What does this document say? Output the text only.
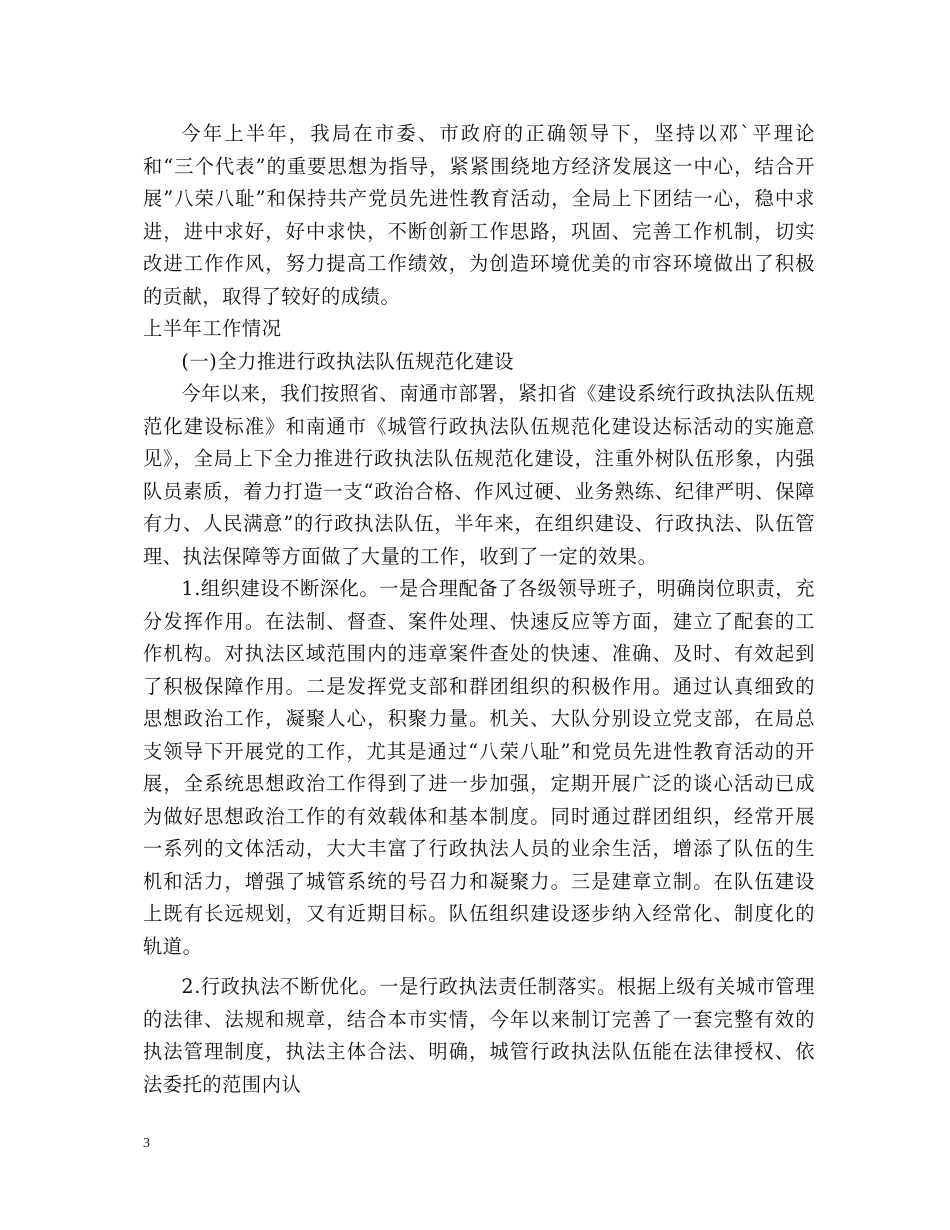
今年上半年，我局在市委、市政府的正确领导下，坚持以邓`平理论和“三个代表”的重要思想为指导，紧紧围绕地方经济发展这一中心，结合开展”八荣八耻”和保持共产党员先进性教育活动，全局上下团结一心，稳中求进，进中求好，好中求快，不断创新工作思路，巩固、完善工作机制，切实改进工作作风，努力提高工作绩效，为创造环境优美的市容环境做出了积极的贡献，取得了较好的成绩。

上半年工作情况

(一)全力推进行政执法队伍规范化建设

今年以来，我们按照省、南通市部署，紧扣省《建设系统行政执法队伍规范化建设标准》和南通市《城管行政执法队伍规范化建设达标活动的实施意见》，全局上下全力推进行政执法队伍规范化建设，注重外树队伍形象，内强队员素质，着力打造一支“政治合格、作风过硬、业务熟练、纪律严明、保障有力、人民满意”的行政执法队伍，半年来，在组织建设、行政执法、队伍管理、执法保障等方面做了大量的工作，收到了一定的效果。

1.组织建设不断深化。一是合理配备了各级领导班子，明确岗位职责，充分发挥作用。在法制、督查、案件处理、快速反应等方面，建立了配套的工作机构。对执法区域范围内的违章案件查处的快速、准确、及时、有效起到了积极保障作用。二是发挥党支部和群团组织的积极作用。通过认真细致的思想政治工作，凝聚人心，积聚力量。机关、大队分别设立党支部，在局总支领导下开展党的工作，尤其是通过“八荣八耻”和党员先进性教育活动的开展，全系统思想政治工作得到了进一步加强，定期开展广泛的谈心活动已成为做好思想政治工作的有效载体和基本制度。同时通过群团组织，经常开展一系列的文体活动，大大丰富了行政执法人员的业余生活，增添了队伍的生机和活力，增强了城管系统的号召力和凝聚力。三是建章立制。在队伍建设上既有长远规划，又有近期目标。队伍组织建设逐步纳入经常化、制度化的轨道。

2.行政执法不断优化。一是行政执法责任制落实。根据上级有关城市管理的法律、法规和规章，结合本市实情，今年以来制订完善了一套完整有效的执法管理制度，执法主体合法、明确，城管行政执法队伍能在法律授权、依法委托的范围内认

3
